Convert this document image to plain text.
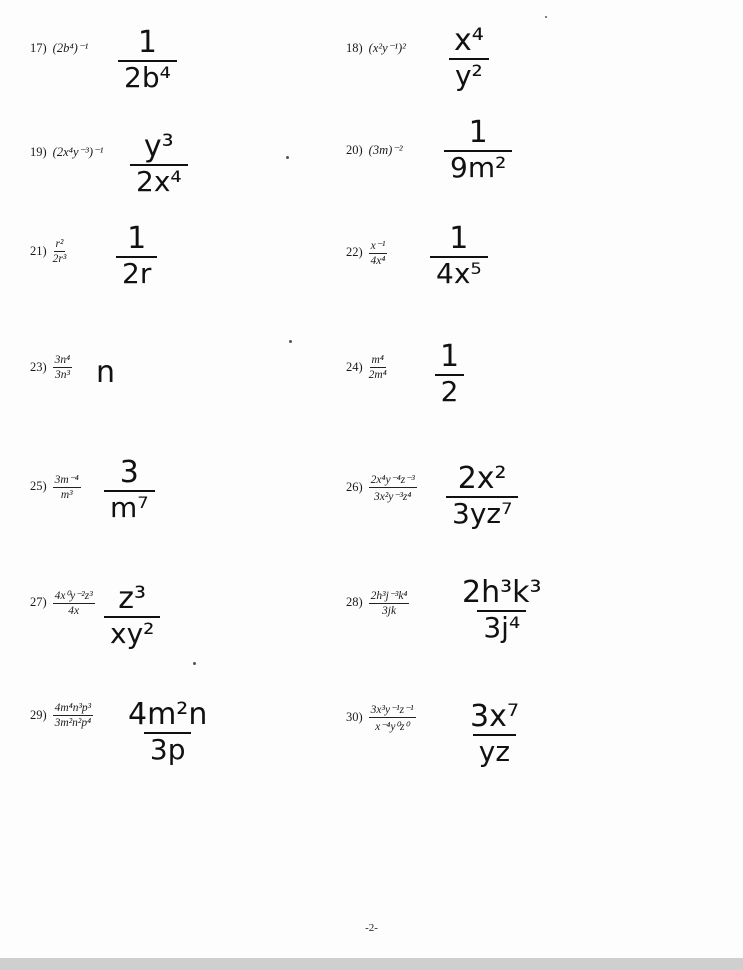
17) $(2b^4)^{-1} \frac{1}{\text{2b⁴}}$	18) $(x^2y^{-1})^2 \frac{\text{x⁴}}{\text{y²}}$
19) $(2x^4y^{-3})^{-1} \frac{\text{y³}}{\text{2x⁴}}$	20) $(3m)^{-2} \frac{1}{\text{9m²}}$
$21) \frac{\text{r²}}{\text{2r³}} \frac{1}{2r}$	$22) \frac{\text{x⁻¹}}{\text{4x⁴}} \frac{1}{\text{4x⁵}}$
$23) \frac{\text{3n⁴}}{\text{3n³}}$ n	$24) \frac{\text{m⁴}}{\text{2m⁴}} \frac{1}{2}$
$25) \frac{\text{3m⁻⁴}}{\text{m³}} \frac{3}{\text{m⁷}}$	$26) \frac{\text{2x⁴y⁻⁴z⁻³}}{\text{3x²y⁻³z⁴}} \frac{\text{2x²}}{\text{3yz⁷}}$
$27) \frac{\text{4x⁰y⁻²z³}}{4x} \frac{\text{z³}}{\text{xy²}}$	$28) \frac{\text{2h³j⁻³k⁴}}{3jk} \frac{\text{2h³k³}}{\text{3j⁴}}$
$29) \frac{\text{4m⁴n³p³}}{\text{3m²n²p⁴}} \frac{\text{4m²n}}{3p}$	$30) \frac{\text{3x³y⁻¹z⁻¹}}{\text{x⁻⁴y⁰z⁰}} \frac{\text{3x⁷}}{yz}$
-2-
